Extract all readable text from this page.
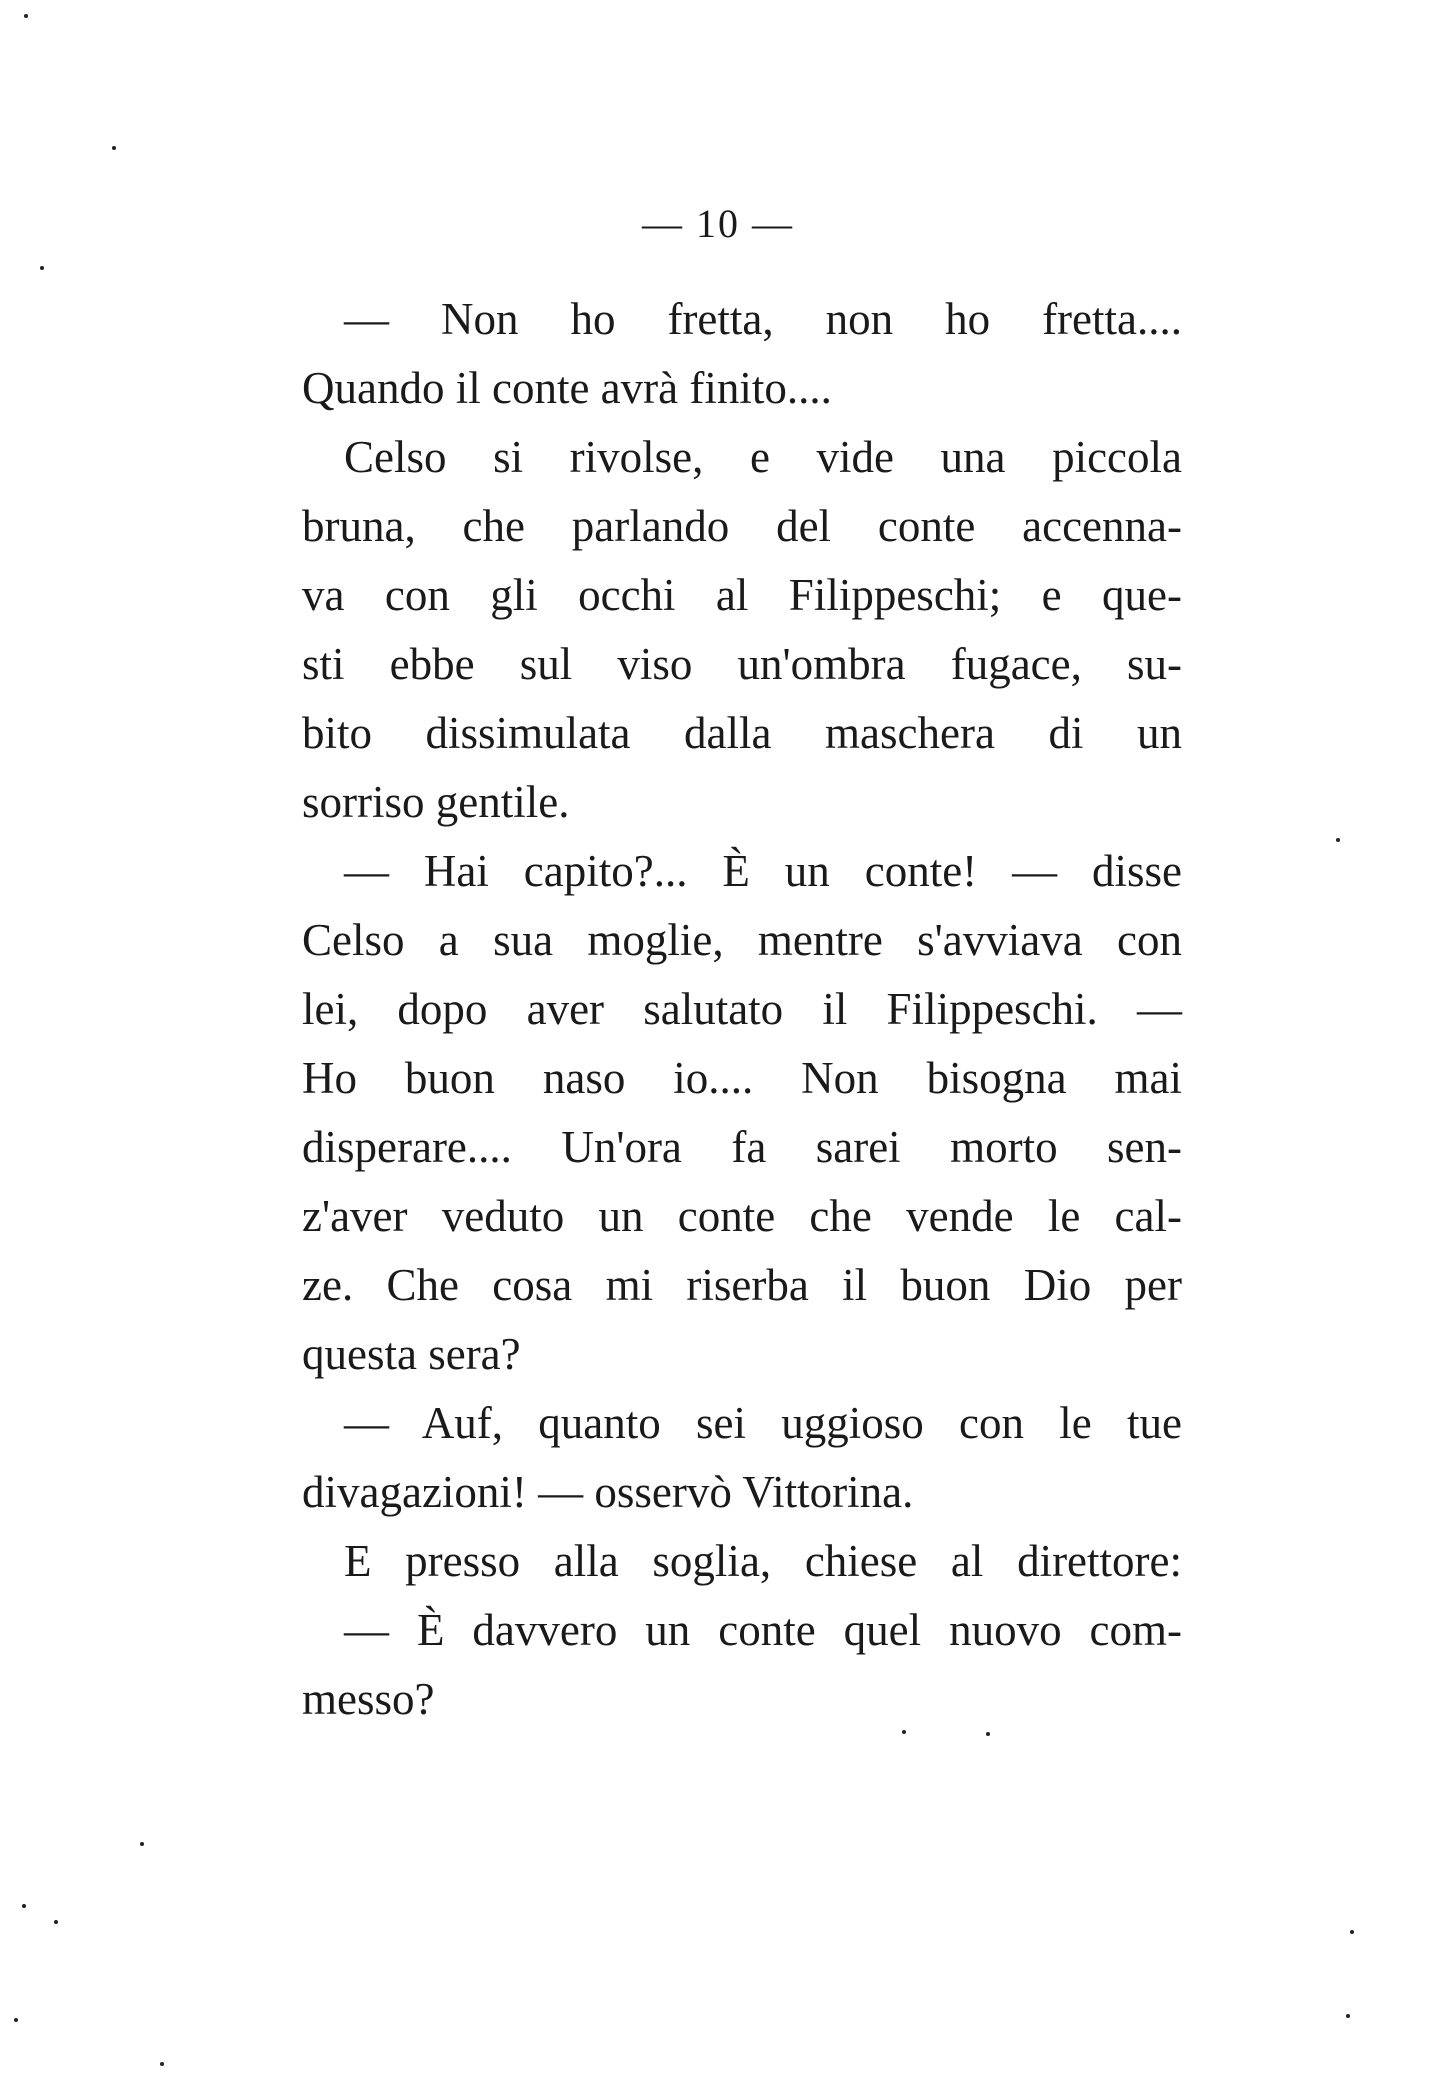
— 10 —
— Non ho fretta, non ho fretta....
Quando il conte avrà finito....
Celso si rivolse, e vide una piccola
bruna, che parlando del conte accenna-
va con gli occhi al Filippeschi; e que-
sti ebbe sul viso un'ombra fugace, su-
bito dissimulata dalla maschera di un
sorriso gentile.
— Hai capito?... È un conte! — disse
Celso a sua moglie, mentre s'avviava con
lei, dopo aver salutato il Filippeschi. —
Ho buon naso io.... Non bisogna mai
disperare.... Un'ora fa sarei morto sen-
z'aver veduto un conte che vende le cal-
ze. Che cosa mi riserba il buon Dio per
questa sera?
— Auf, quanto sei uggioso con le tue
divagazioni! — osservò Vittorina.
E presso alla soglia, chiese al direttore:
— È davvero un conte quel nuovo com-
messo?
